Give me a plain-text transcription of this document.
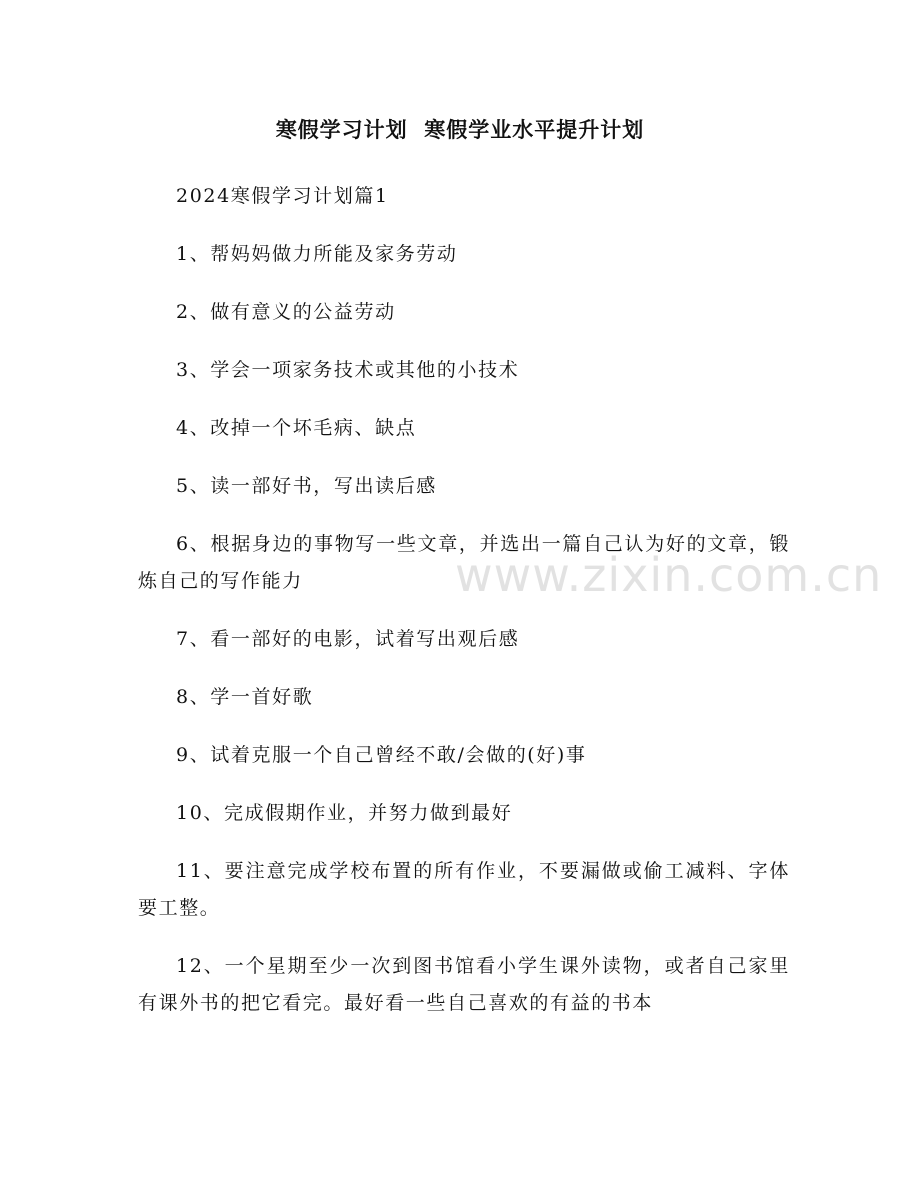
寒假学习计划  寒假学业水平提升计划

2024寒假学习计划篇1

1、帮妈妈做力所能及家务劳动

2、做有意义的公益劳动

3、学会一项家务技术或其他的小技术

4、改掉一个坏毛病、缺点

5、读一部好书，写出读后感

6、根据身边的事物写一些文章，并选出一篇自己认为好的文章，锻炼自己的写作能力

7、看一部好的电影，试着写出观后感

8、学一首好歌

9、试着克服一个自己曾经不敢/会做的(好)事

10、完成假期作业，并努力做到最好

11、要注意完成学校布置的所有作业，不要漏做或偷工减料、字体要工整。

12、一个星期至少一次到图书馆看小学生课外读物，或者自己家里有课外书的把它看完。最好看一些自己喜欢的有益的书本

www.zixin.com.cn
